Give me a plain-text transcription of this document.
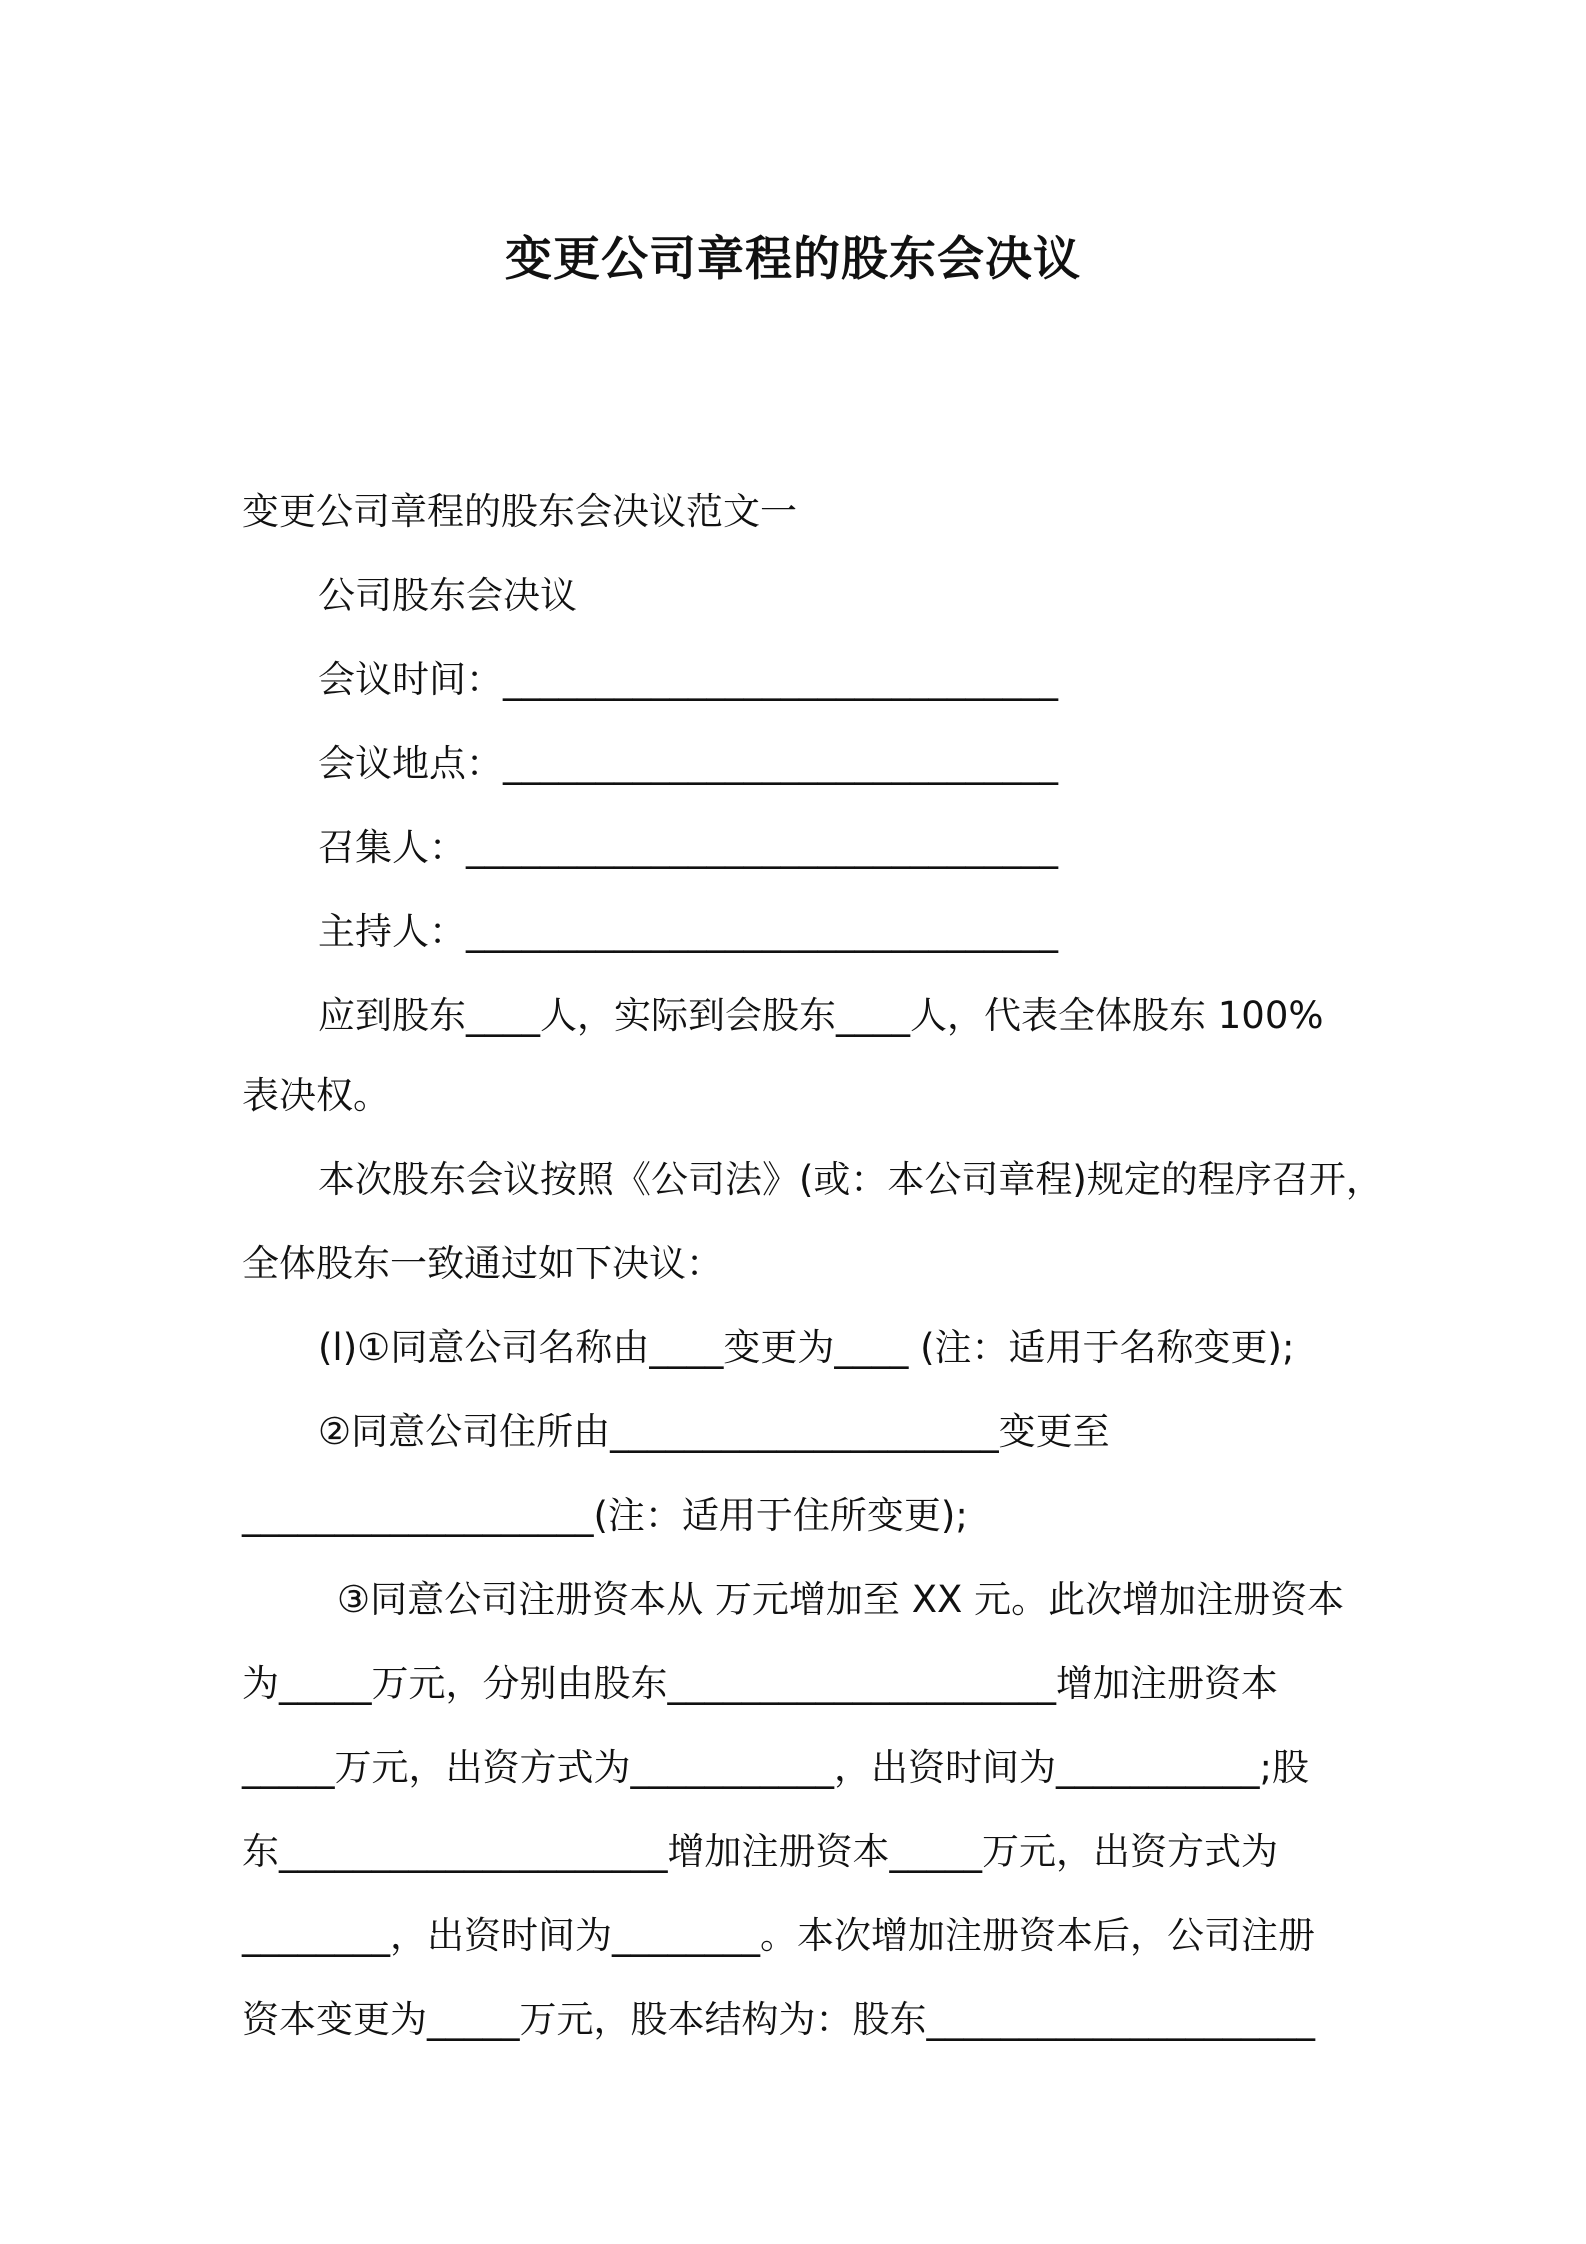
变更公司章程的股东会决议
变更公司章程的股东会决议范文一
公司股东会决议
会议时间：______________________________
会议地点：______________________________
召集人：________________________________
主持人：________________________________
应到股东____人，实际到会股东____人，代表全体股东 100%
表决权。
本次股东会议按照《公司法》(或：本公司章程)规定的程序召开，
全体股东一致通过如下决议：
(l)①同意公司名称由____变更为____ (注：适用于名称变更);
②同意公司住所由_____________________变更至
___________________(注：适用于住所变更);
③同意公司注册资本从 万元增加至 XX 元。此次增加注册资本
为_____万元，分别由股东_____________________增加注册资本
_____万元，出资方式为___________，出资时间为___________;股
东_____________________增加注册资本_____万元，出资方式为
________，出资时间为________。本次增加注册资本后，公司注册
资本变更为_____万元，股本结构为：股东_____________________
